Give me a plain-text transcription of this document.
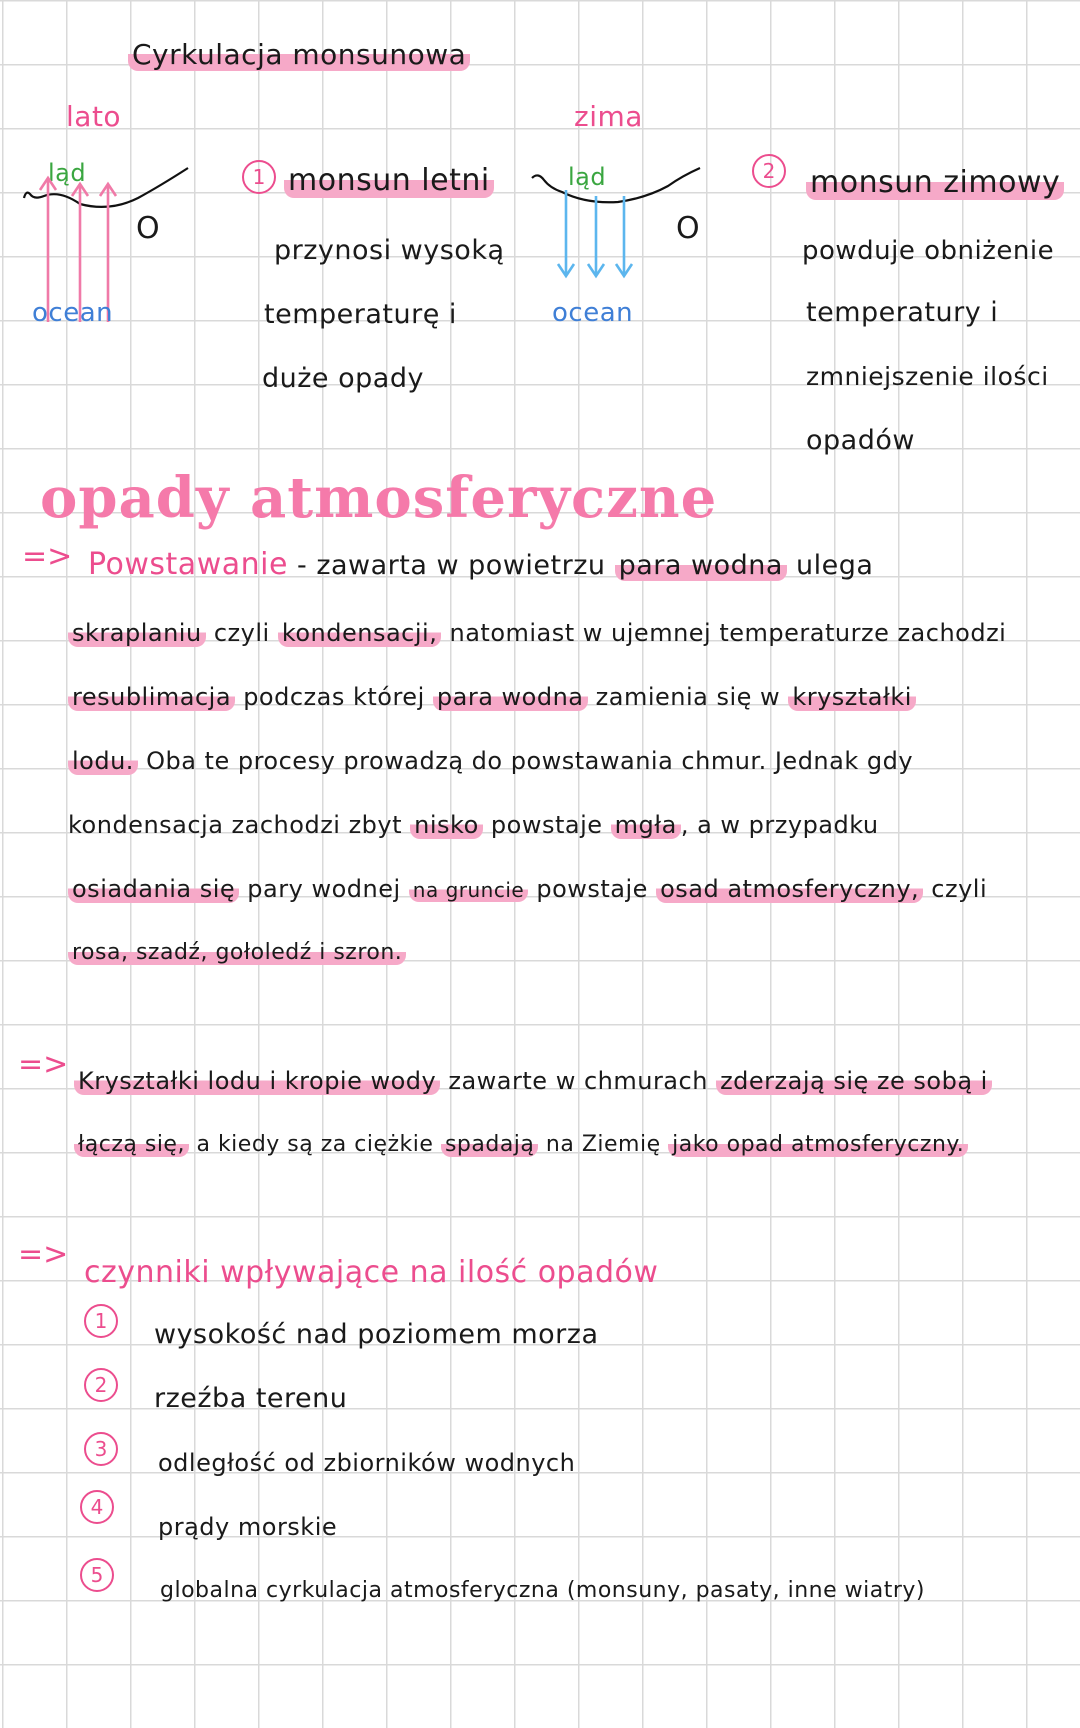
Cyrkulacja monsunowa
lato
ląd
O
ocean
1 monsun letni
przynosi wysoką
temperaturę i
duże opady
zima
ląd
O
ocean
2	monsun zimowy
powduje obniżenie
temperatury i
zmniejszenie ilości
opadów
opady atmosferyczne
=> Powstawanie - zawarta w powietrzu para wodna ulega
skraplaniu czyli kondensacji, natomiast w ujemnej temperaturze zachodzi
resublimacja podczas której para wodna zamienia się w kryształki
lodu. Oba te procesy prowadzą do powstawania chmur. Jednak gdy
kondensacja zachodzi zbyt nisko powstaje mgła , a w przypadku
osiadania się pary wodnej na gruncie powstaje osad atmosferyczny, czyli
rosa, szadź, gołoledź i szron.
=> Kryształki lodu i kropie wody zawarte w chmurach zderzają się ze sobą i
łączą się, a kiedy są za ciężkie spadają na Ziemię jako opad atmosferyczny.
=>
czynniki wpływające na ilość opadów
1	wysokość nad poziomem morza
2	rzeźba terenu
3	odległość od zbiorników wodnych
4
prądy morskie
5
globalna cyrkulacja atmosferyczna (monsuny, pasaty, inne wiatry)
